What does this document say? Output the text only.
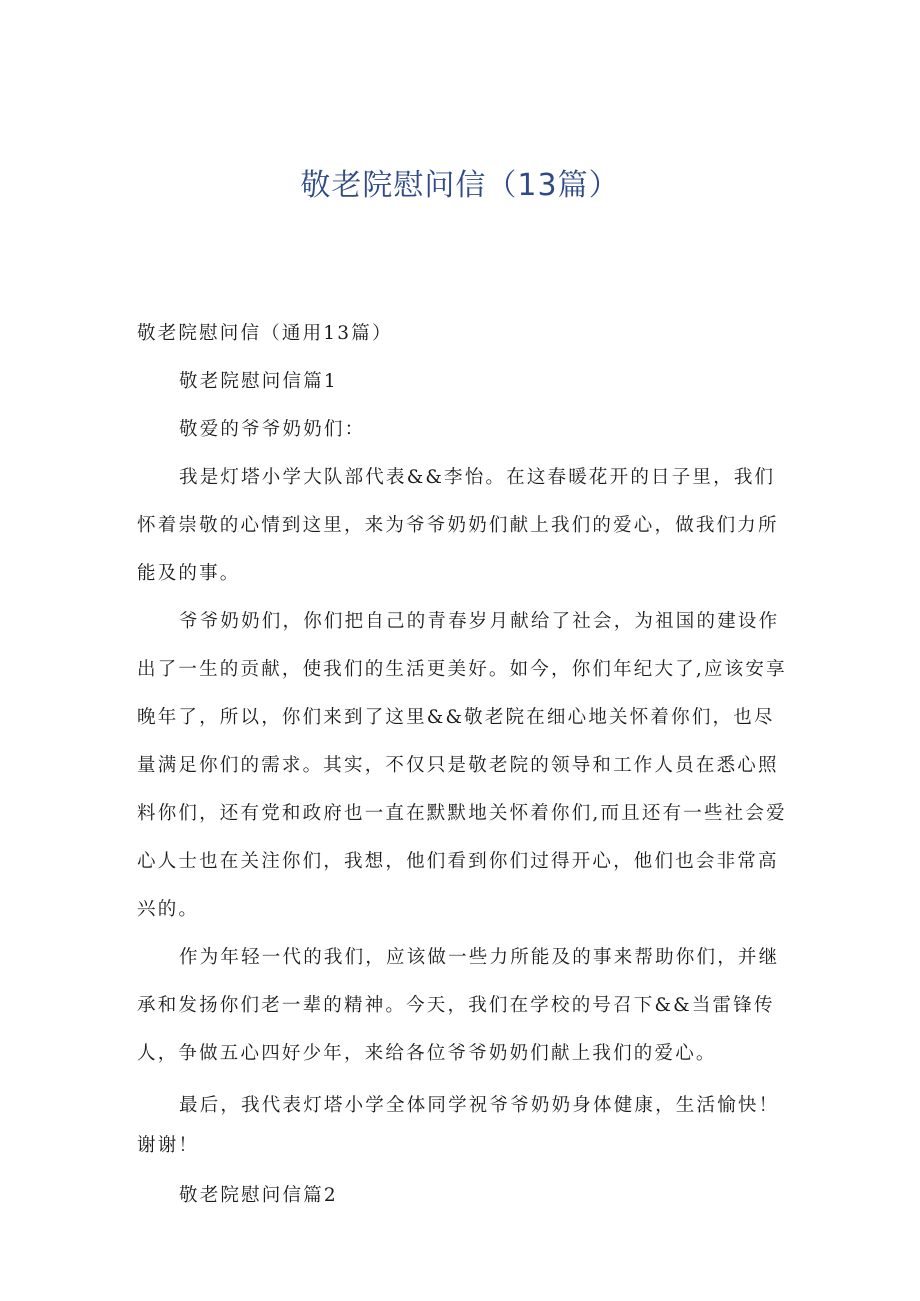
敬老院慰问信（13篇）

敬老院慰问信（通用13篇）

敬老院慰问信篇1

敬爱的爷爷奶奶们：

我是灯塔小学大队部代表&&李怡。在这春暖花开的日子里，我们怀着崇敬的心情到这里，来为爷爷奶奶们献上我们的爱心，做我们力所能及的事。

爷爷奶奶们，你们把自己的青春岁月献给了社会，为祖国的建设作出了一生的贡献，使我们的生活更美好。如今，你们年纪大了,应该安享晚年了，所以，你们来到了这里&&敬老院在细心地关怀着你们，也尽量满足你们的需求。其实，不仅只是敬老院的领导和工作人员在悉心照料你们，还有党和政府也一直在默默地关怀着你们,而且还有一些社会爱心人士也在关注你们，我想，他们看到你们过得开心，他们也会非常高兴的。

作为年轻一代的我们，应该做一些力所能及的事来帮助你们，并继承和发扬你们老一辈的精神。今天，我们在学校的号召下&&当雷锋传人，争做五心四好少年，来给各位爷爷奶奶们献上我们的爱心。

最后，我代表灯塔小学全体同学祝爷爷奶奶身体健康，生活愉快！谢谢！

敬老院慰问信篇2
